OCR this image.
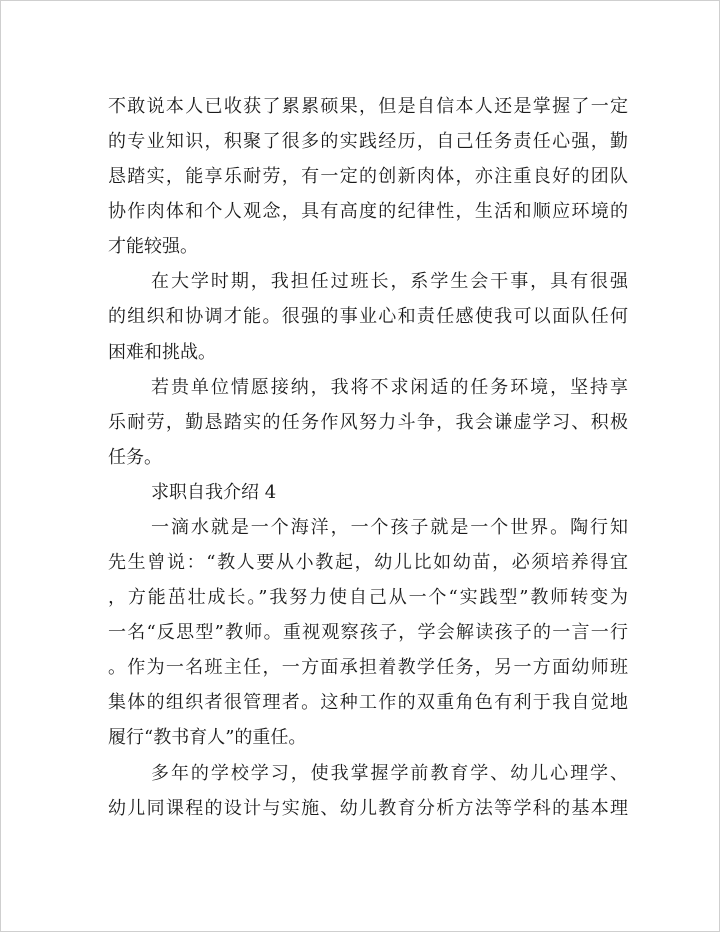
不敢说本人已收获了累累硕果，但是自信本人还是掌握了一定
的专业知识，积聚了很多的实践经历，自己任务责任心强，勤
恳踏实，能享乐耐劳，有一定的创新肉体，亦注重良好的团队
协作肉体和个人观念，具有高度的纪律性，生活和顺应环境的
才能较强。
在大学时期，我担任过班长，系学生会干事，具有很强
的组织和协调才能。很强的事业心和责任感使我可以面队任何
困难和挑战。
若贵单位情愿接纳，我将不求闲适的任务环境，坚持享
乐耐劳，勤恳踏实的任务作风努力斗争，我会谦虚学习、积极
任务。
求职自我介绍 4
一滴水就是一个海洋，一个孩子就是一个世界。陶行知
先生曾说：“教人要从小教起，幼儿比如幼苗，必须培养得宜
，方能茁壮成长。”我努力使自己从一个“实践型”教师转变为
一名“反思型”教师。重视观察孩子，学会解读孩子的一言一行
。作为一名班主任，一方面承担着教学任务，另一方面幼师班
集体的组织者很管理者。这种工作的双重角色有利于我自觉地
履行“教书育人”的重任。
多年的学校学习，使我掌握学前教育学、幼儿心理学、
幼儿同课程的设计与实施、幼儿教育分析方法等学科的基本理
